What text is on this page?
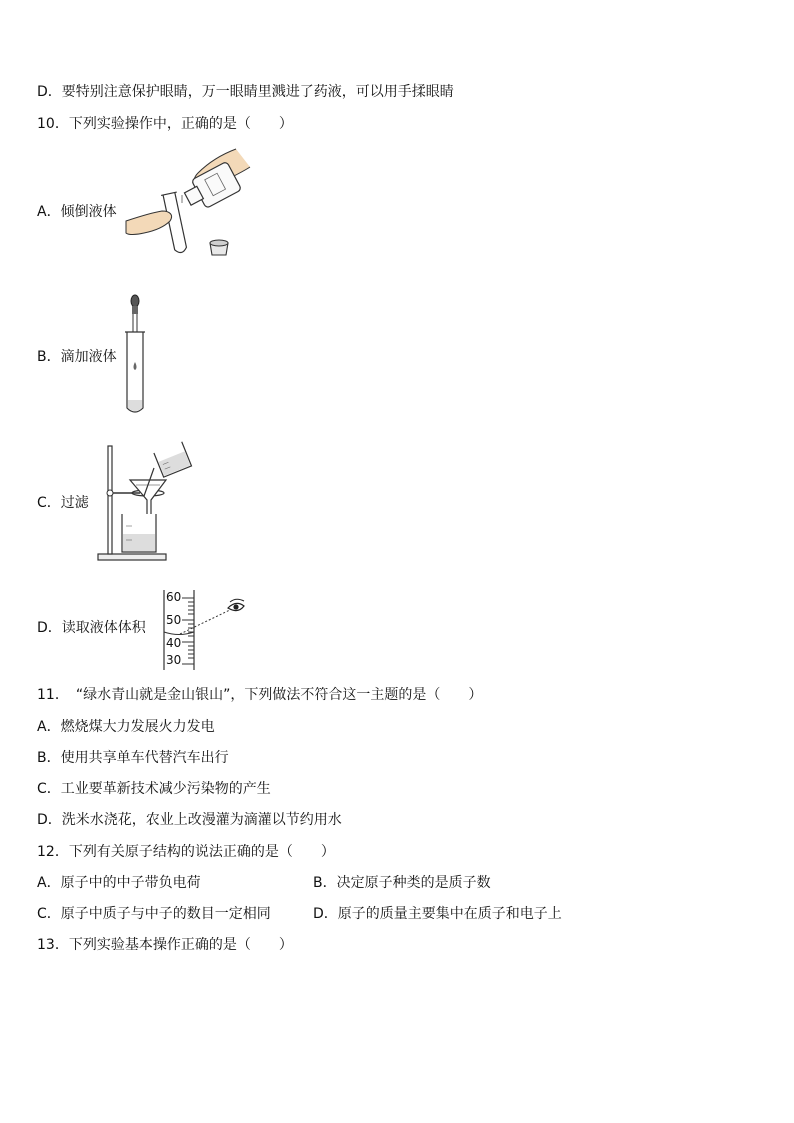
D．要特别注意保护眼睛，万一眼睛里溅进了药液，可以用手揉眼睛
10．下列实验操作中，正确的是（　　）
A．倾倒液体
B．滴加液体
C．过滤
D．读取液体体积
60
50
40
30
11．　“绿水青山就是金山银山”，下列做法不符合这一主题的是（　　）
A．燃烧煤大力发展火力发电
B．使用共享单车代替汽车出行
C．工业要革新技术减少污染物的产生
D．洗米水浇花，农业上改漫灌为滴灌以节约用水
12．下列有关原子结构的说法正确的是（　　）
A．原子中的中子带负电荷	B．决定原子种类的是质子数
C．原子中质子与中子的数目一定相同	D．原子的质量主要集中在质子和电子上
13．下列实验基本操作正确的是（　　）
